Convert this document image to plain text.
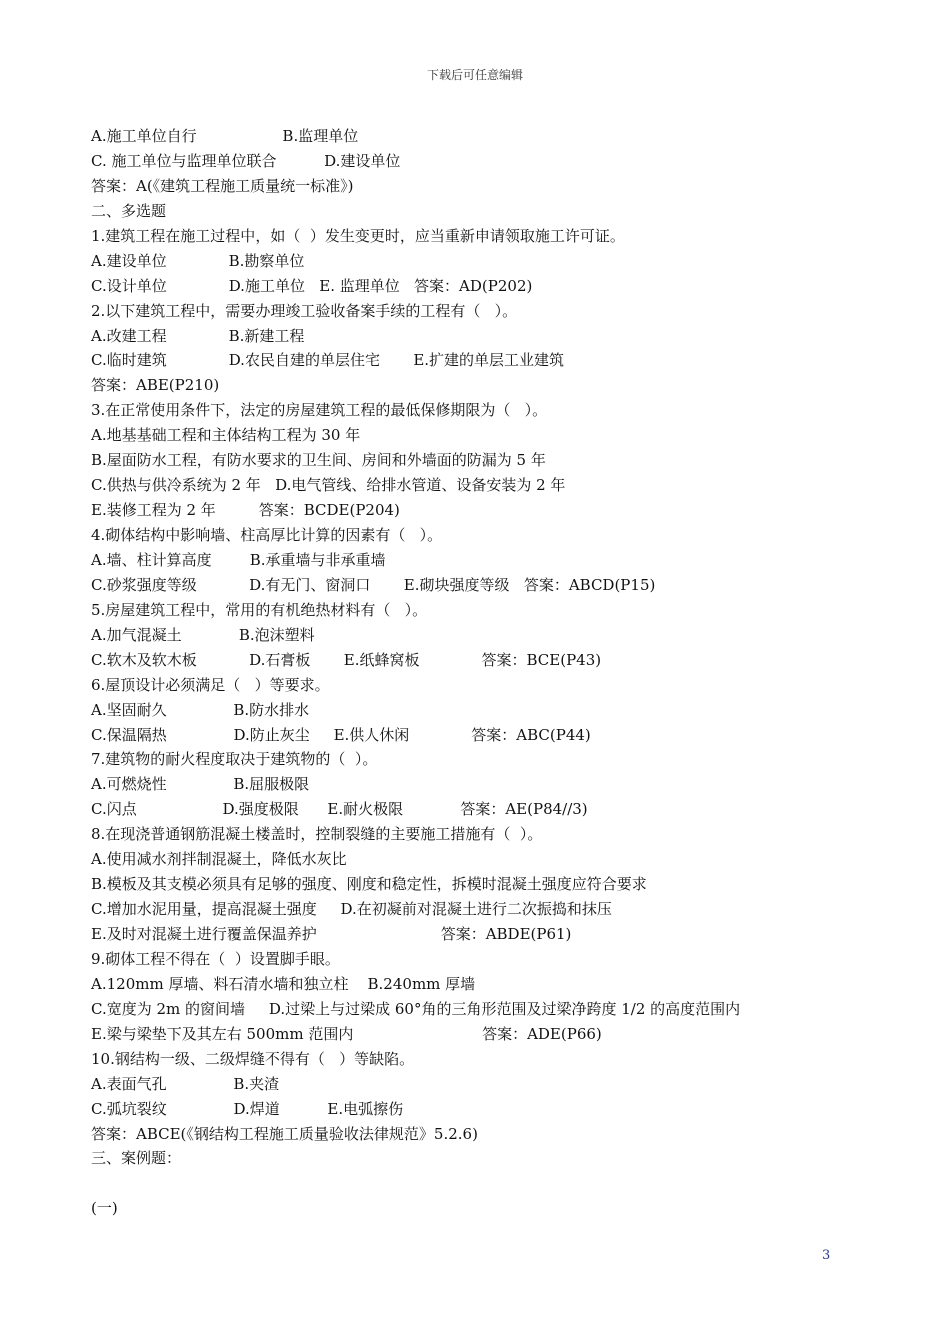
下载后可任意编辑
A.施工单位自行                  B.监理单位
C. 施工单位与监理单位联合          D.建设单位
答案：A(《建筑工程施工质量统一标准》)
二、多选题
1.建筑工程在施工过程中，如（  ）发生变更时，应当重新申请领取施工许可证。
A.建设单位             B.勘察单位
C.设计单位             D.施工单位   E. 监理单位   答案：AD(P202)
2.以下建筑工程中，需要办理竣工验收备案手续的工程有（   ）。
A.改建工程             B.新建工程
C.临时建筑             D.农民自建的单层住宅       E.扩建的单层工业建筑
答案：ABE(P210)
3.在正常使用条件下，法定的房屋建筑工程的最低保修期限为（   ）。
A.地基基础工程和主体结构工程为 30 年
B.屋面防水工程，有防水要求的卫生间、房间和外墙面的防漏为 5 年
C.供热与供冷系统为 2 年   D.电气管线、给排水管道、设备安装为 2 年
E.装修工程为 2 年         答案：BCDE(P204)
4.砌体结构中影响墙、柱高厚比计算的因素有（   ）。
A.墙、柱计算高度        B.承重墙与非承重墙
C.砂浆强度等级           D.有无门、窗洞口       E.砌块强度等级   答案：ABCD(P15)
5.房屋建筑工程中，常用的有机绝热材料有（   ）。
A.加气混凝土            B.泡沫塑料
C.软木及软木板           D.石膏板       E.纸蜂窝板             答案：BCE(P43)
6.屋顶设计必须满足（   ）等要求。
A.坚固耐久              B.防水排水
C.保温隔热              D.防止灰尘     E.供人休闲             答案：ABC(P44)
7.建筑物的耐火程度取决于建筑物的（  ）。
A.可燃烧性              B.屈服极限
C.闪点                  D.强度极限      E.耐火极限            答案：AE(P84//3)
8.在现浇普通钢筋混凝土楼盖时，控制裂缝的主要施工措施有（  ）。
A.使用减水剂拌制混凝土，降低水灰比
B.模板及其支模必须具有足够的强度、刚度和稳定性，拆模时混凝土强度应符合要求
C.增加水泥用量，提高混凝土强度     D.在初凝前对混凝土进行二次振捣和抹压
E.及时对混凝土进行覆盖保温养护                          答案：ABDE(P61)
9.砌体工程不得在（  ）设置脚手眼。
A.120mm 厚墙、料石清水墙和独立柱    B.240mm 厚墙
C.宽度为 2m 的窗间墙     D.过梁上与过梁成 60°角的三角形范围及过梁净跨度 1/2 的高度范围内
E.梁与梁垫下及其左右 500mm 范围内                           答案：ADE(P66)
10.钢结构一级、二级焊缝不得有（   ）等缺陷。
A.表面气孔              B.夹渣
C.弧坑裂纹              D.焊道          E.电弧擦伤
答案：ABCE(《钢结构工程施工质量验收法律规范》5.2.6)
三、案例题：
(一)
3
